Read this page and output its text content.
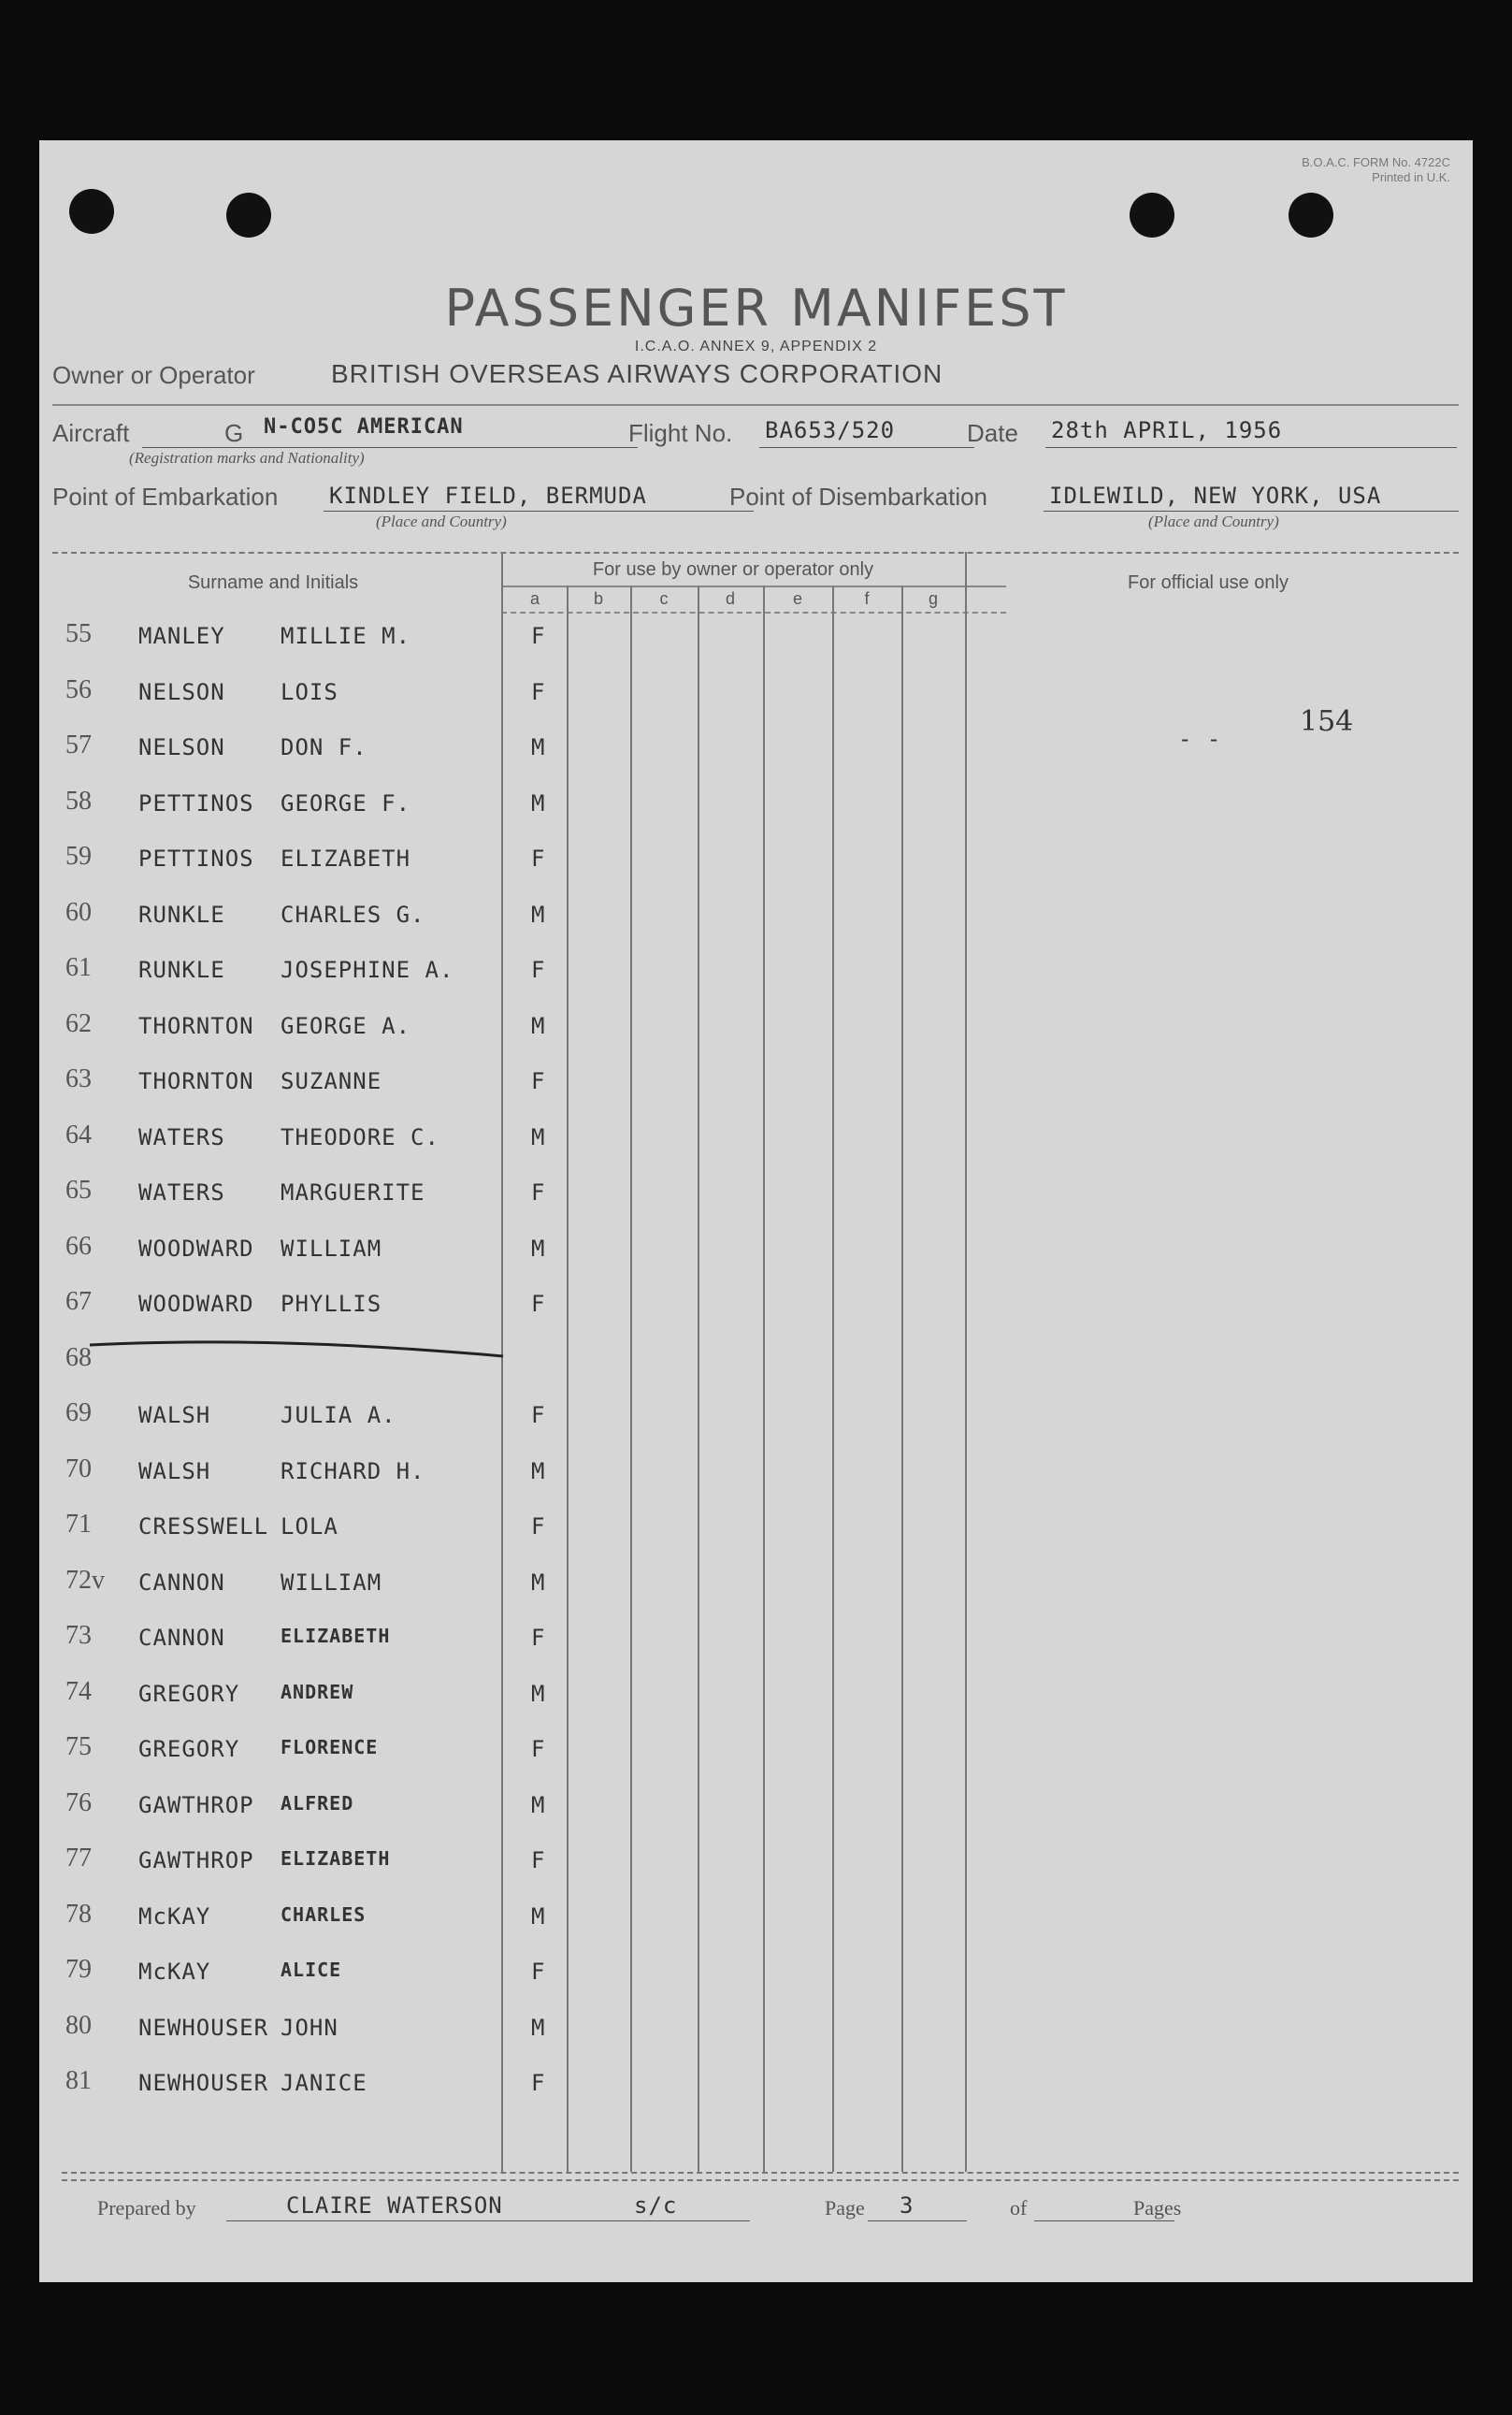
B.O.A.C. FORM No. 4722C
Printed in U.K.
PASSENGER MANIFEST
I.C.A.O. ANNEX 9, APPENDIX 2
Owner or Operator	BRITISH OVERSEAS AIRWAYS CORPORATION
Aircraft	G N-CO5C AMERICAN
(Registration marks and Nationality)
Flight No. BA653/520	Date 28th APRIL, 1956
Point of Embarkation KINDLEY FIELD, BERMUDA
(Place and Country)
Point of Disembarkation	IDLEWILD, NEW YORK, USA
(Place and Country)
Surname and Initials
For use by owner or operator only
For official use only
a	b	c	d	e	f	g
154
- -
55 MANLEY MILLIE M.	F
56 NELSON LOIS	F
57 NELSON DON F.	M
58 PETTINOS GEORGE F.	M
59 PETTINOS ELIZABETH	F
60 RUNKLE CHARLES G.	M
61 RUNKLE JOSEPHINE A.	F
62 THORNTON GEORGE A.	M
63 THORNTON SUZANNE	F
64 WATERS THEODORE C.	M
65 WATERS MARGUERITE	F
66 WOODWARD WILLIAM	M
67 WOODWARD PHYLLIS	F
68
69 WALSH	JULIA A.	F
70 WALSH	RICHARD H.	M
71 CRESSWELL LOLA	F
72v CANNON WILLIAM	M
73 CANNON	ELIZABETH	F
74 GREGORY ANDREW	M
75 GREGORY FLORENCE	F
76 GAWTHROP ALFRED	M
77 GAWTHROP ELIZABETH	F
78 McKAY	CHARLES	M
79 McKAY	ALICE	F
80 NEWHOUSER JOHN	M
81 NEWHOUSER JANICE	F
Prepared by	CLAIRE WATERSON	s/c	Page 3	of	Pages
